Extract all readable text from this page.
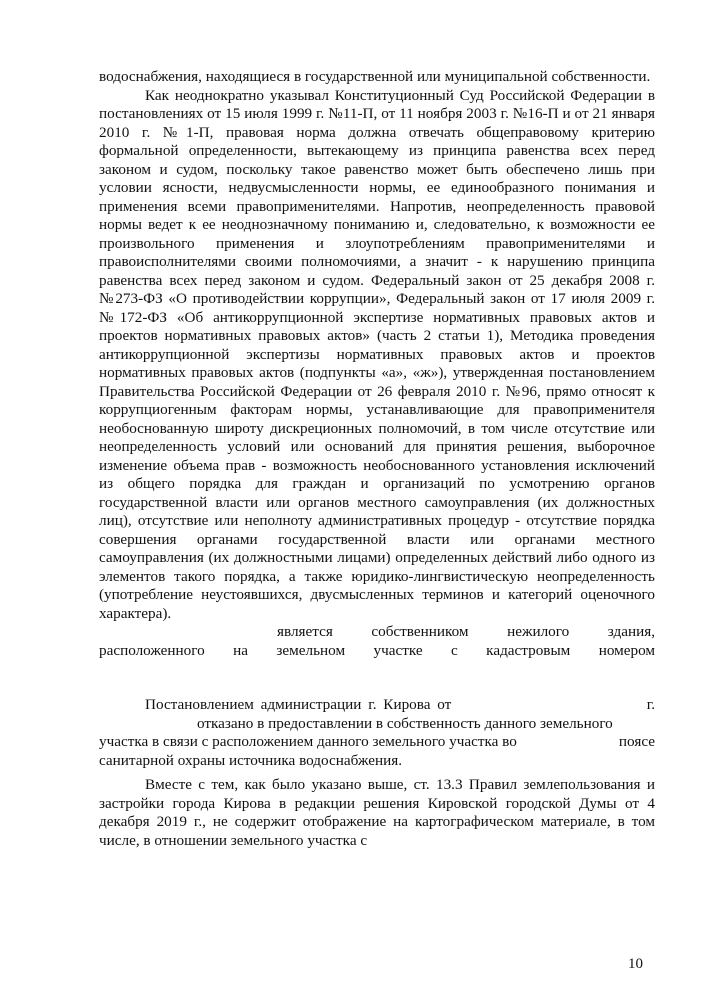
водоснабжения, находящиеся в государственной или муниципальной собственности.

Как неоднократно указывал Конституционный Суд Российской Федерации в постановлениях от 15 июля 1999 г. №11-П, от 11 ноября 2003 г. №16-П и от 21 января 2010 г. №1-П, правовая норма должна отвечать общеправовому критерию формальной определенности, вытекающему из принципа равенства всех перед законом и судом, поскольку такое равенство может быть обеспечено лишь при условии ясности, недвусмысленности нормы, ее единообразного понимания и применения всеми правоприменителями. Напротив, неопределенность правовой нормы ведет к ее неоднозначному пониманию и, следовательно, к возможности ее произвольного применения и злоупотреблениям правоприменителями и правоисполнителями своими полномочиями, а значит - к нарушению принципа равенства всех перед законом и судом. Федеральный закон от 25 декабря 2008 г. №273-ФЗ «О противодействии коррупции», Федеральный закон от 17 июля 2009 г. №172-ФЗ «Об антикоррупционной экспертизе нормативных правовых актов и проектов нормативных правовых актов» (часть 2 статьи 1), Методика проведения антикоррупционной экспертизы нормативных правовых актов и проектов нормативных правовых актов (подпункты «а», «ж»), утвержденная постановлением Правительства Российской Федерации от 26 февраля 2010 г. №96, прямо относят к коррупциогенным факторам нормы, устанавливающие для правоприменителя необоснованную широту дискреционных полномочий, в том числе отсутствие или неопределенность условий или оснований для принятия решения, выборочное изменение объема прав - возможность необоснованного установления исключений из общего порядка для граждан и организаций по усмотрению органов государственной власти или органов местного самоуправления (их должностных лиц), отсутствие или неполноту административных процедур - отсутствие порядка совершения органами государственной власти или органами местного самоуправления (их должностными лицами) определенных действий либо одного из элементов такого порядка, а также юридико-лингвистическую неопределенность (употребление неустоявшихся, двусмысленных терминов и категорий оценочного характера).

является собственником нежилого здания,
расположенного на земельном участке с кадастровым номером
Постановлением администрации г. Кирова от	г.
отказано в предоставлении в собственность данного земельного
участка в связи с расположением данного земельного участка во	поясе
санитарной охраны источника водоснабжения.

Вместе с тем, как было указано выше, ст. 13.3 Правил землепользования и застройки города Кирова в редакции решения Кировской городской Думы от 4 декабря 2019 г., не содержит отображение на картографическом материале, в том числе, в отношении земельного участка с

10
